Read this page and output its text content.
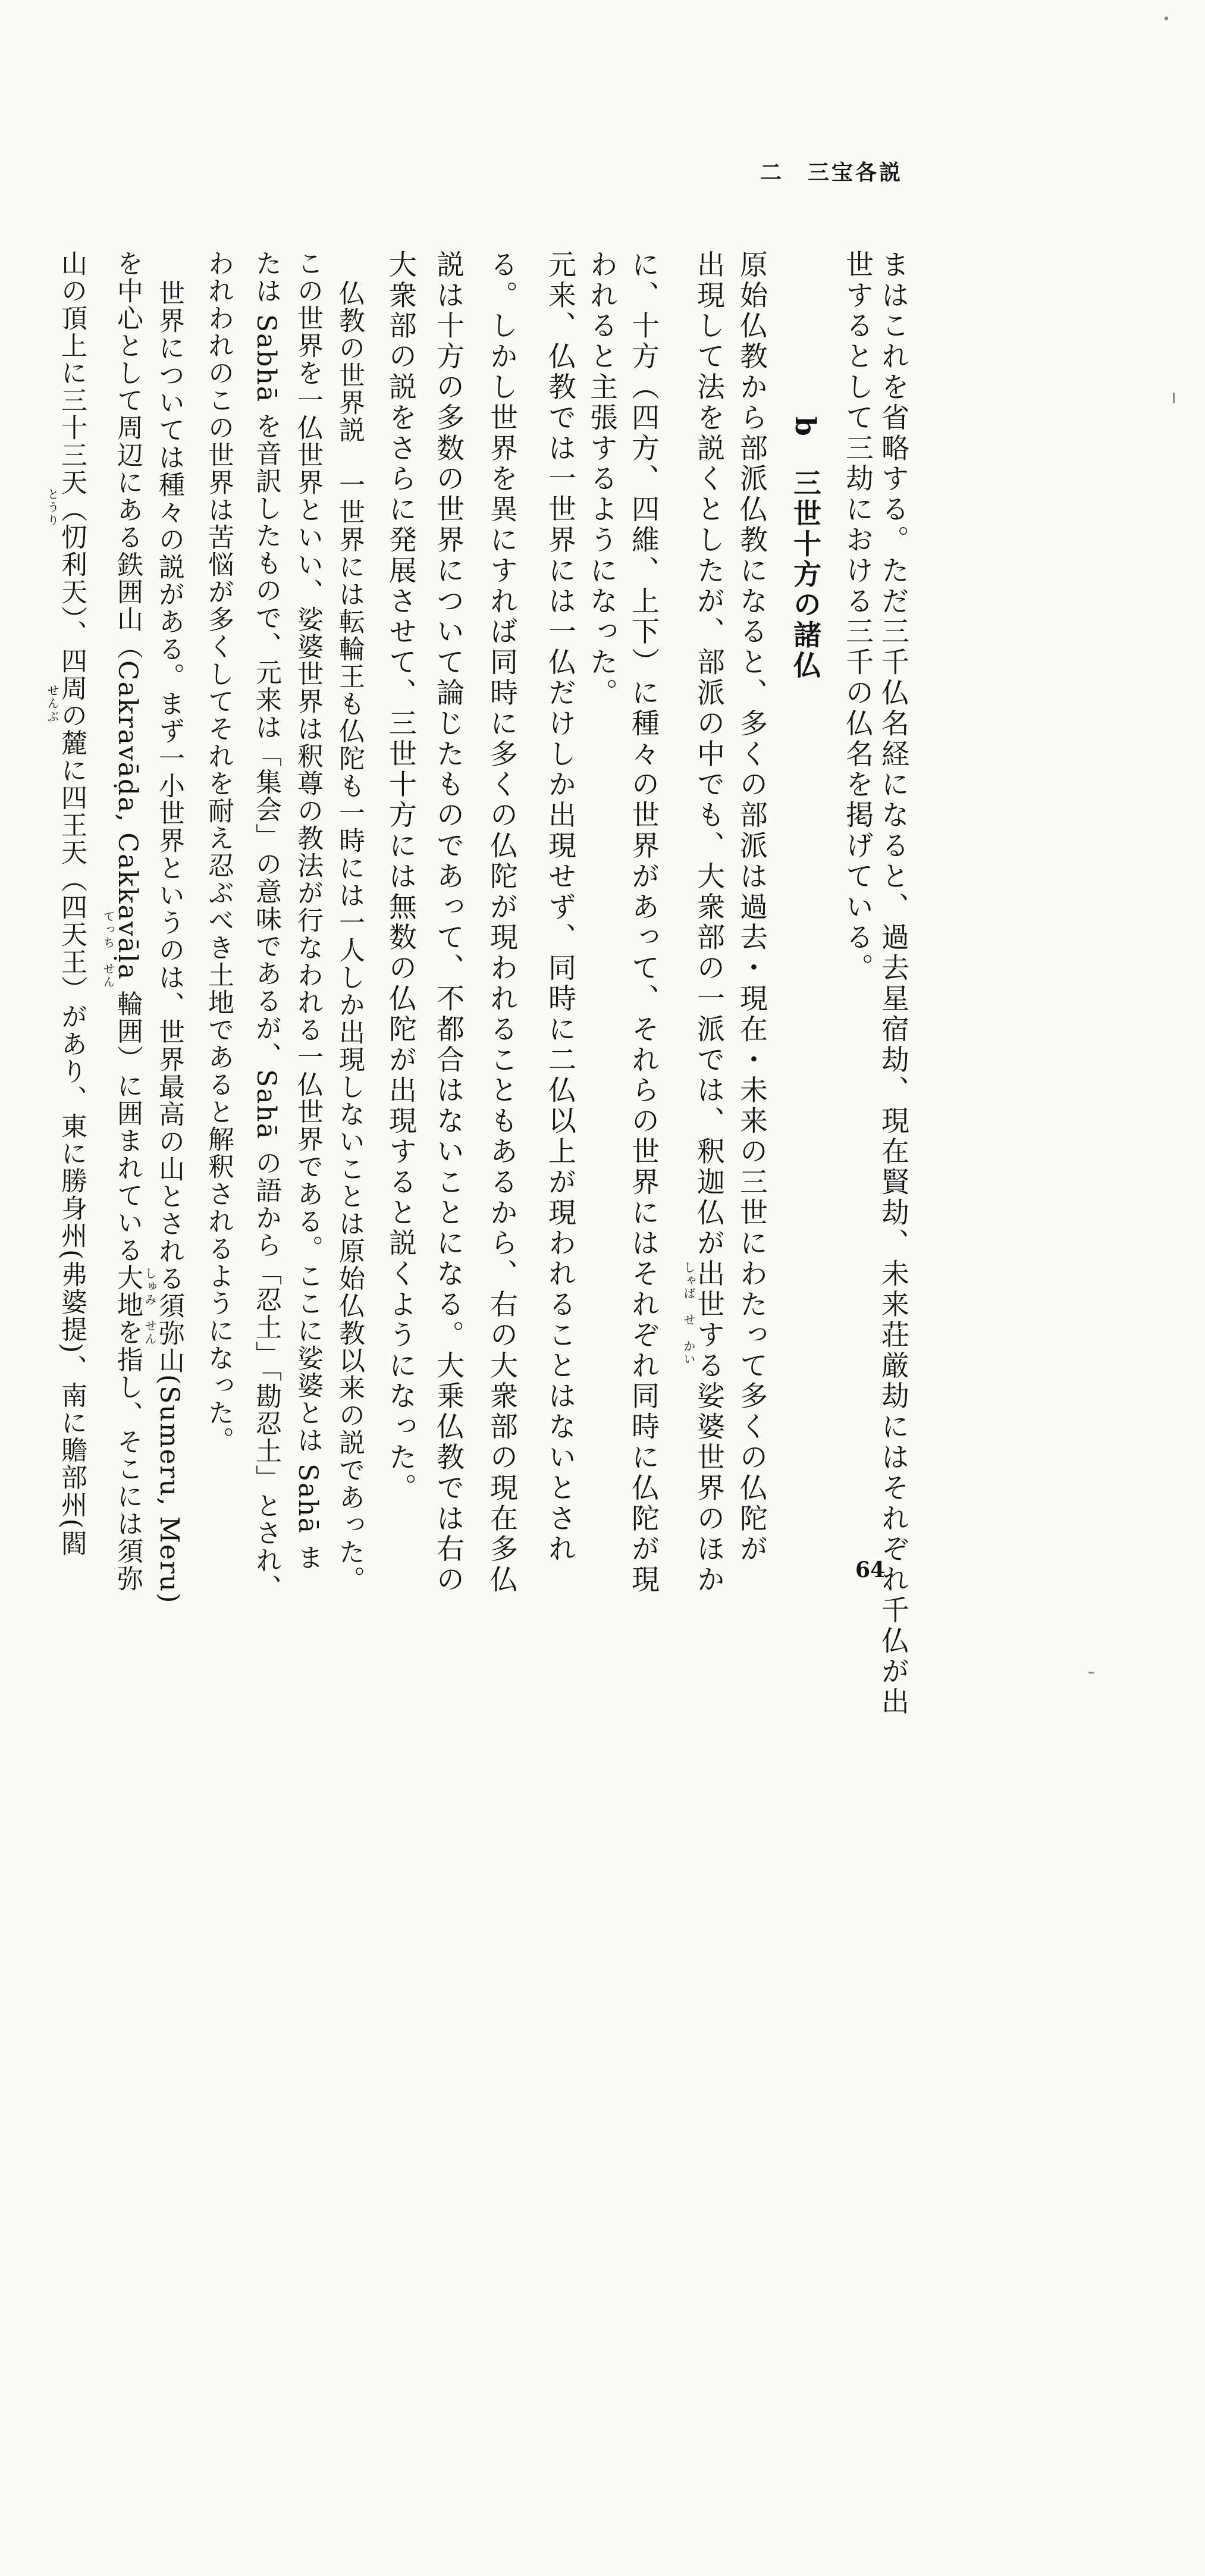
二　三宝各説
まはこれを省略する。ただ三千仏名経になると、過去星宿劫、現在賢劫、未来荘厳劫にはそれぞれ千仏が出
世するとして三劫における三千の仏名を掲げている。
b　三世十方の諸仏
原始仏教から部派仏教になると、多くの部派は過去・現在・未来の三世にわたって多くの仏陀が
出現して法を説くとしたが、部派の中でも、大衆部の一派では、釈迦仏が出世する娑婆世界のほか
に、十方（四方、四維、上下）に種々の世界があって、それらの世界にはそれぞれ同時に仏陀が現
われると主張するようになった。
元来、仏教では一世界には一仏だけしか出現せず、同時に二仏以上が現われることはないとされ
る。しかし世界を異にすれば同時に多くの仏陀が現われることもあるから、右の大衆部の現在多仏
説は十方の多数の世界について論じたものであって、不都合はないことになる。大乗仏教では右の
大衆部の説をさらに発展させて、三世十方には無数の仏陀が出現すると説くようになった。
仏教の世界説　一世界には転輪王も仏陀も一時には一人しか出現しないことは原始仏教以来の説であった。
この世界を一仏世界といい、娑婆世界は釈尊の教法が行なわれる一仏世界である。ここに娑婆とは Sahā ま
たは Sabhā を音訳したもので、元来は「集会」の意味であるが、Sahā の語から「忍土」「勘忍土」とされ、
われわれのこの世界は苦悩が多くしてそれを耐え忍ぶべき土地であると解釈されるようになった。
世界については種々の説がある。まず一小世界というのは、世界最高の山とされる須弥山(Sumeru, Meru)
を中心として周辺にある鉄囲山（Cakravāḍa, Cakkavāḷa 輪囲）に囲まれている大地を指し、そこには須弥
山の頂上に三十三天（忉利天）、四周の麓に四王天（四天王）があり、東に勝身州(弗婆提)、南に贍部州(閻	しゃば　せ　かい
しゅみ　せん
てっち　せん
とうり　　　　　　　　　　　　せんぶ
64
